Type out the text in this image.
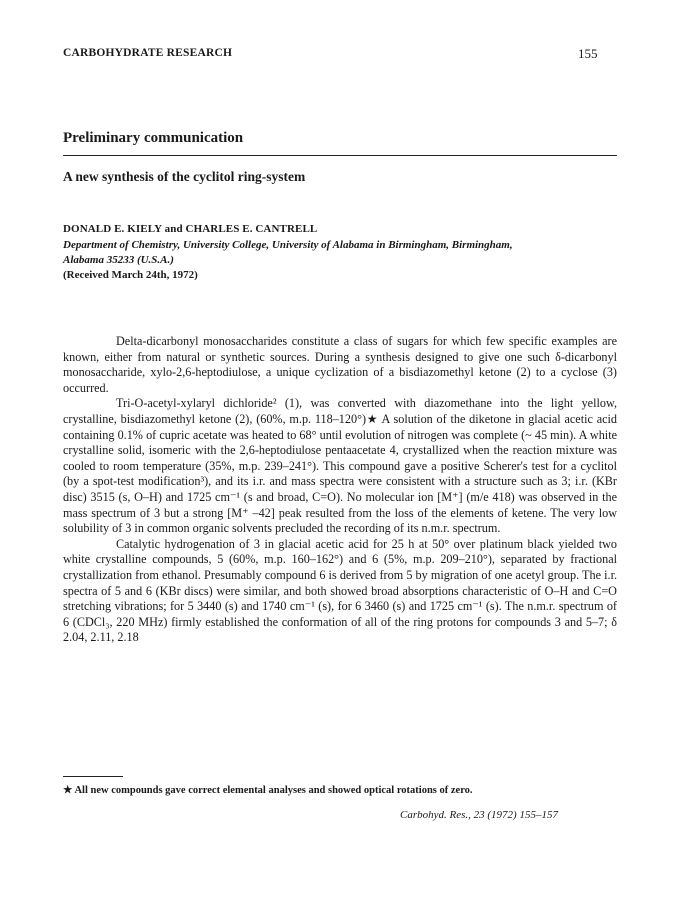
CARBOHYDRATE RESEARCH	155
Preliminary communication
A new synthesis of the cyclitol ring-system
DONALD E. KIELY and CHARLES E. CANTRELL
Department of Chemistry, University College, University of Alabama in Birmingham, Birmingham,
Alabama 35233 (U.S.A.)
(Received March 24th, 1972)

Delta-dicarbonyl monosaccharides constitute a class of sugars for which few specific examples are known, either from natural or synthetic sources. During a synthesis designed to give one such δ-dicarbonyl monosaccharide, xylo-2,6-heptodiulose, a unique cyclization of a bisdiazomethyl ketone (2) to a cyclose (3) occurred.

Tri-O-acetyl-xylaryl dichloride² (1), was converted with diazomethane into the light yellow, crystalline, bisdiazomethyl ketone (2), (60%, m.p. 118–120°)★ A solution of the diketone in glacial acetic acid containing 0.1% of cupric acetate was heated to 68° until evolution of nitrogen was complete (~ 45 min). A white crystalline solid, isomeric with the 2,6-heptodiulose pentaacetate 4, crystallized when the reaction mixture was cooled to room temperature (35%, m.p. 239–241°). This compound gave a positive Scherer's test for a cyclitol (by a spot-test modification³), and its i.r. and mass spectra were consistent with a structure such as 3; i.r. (KBr disc) 3515 (s, O–H) and 1725 cm⁻¹ (s and broad, C=O). No molecular ion [M⁺] (m/e 418) was observed in the mass spectrum of 3 but a strong [M⁺ –42] peak resulted from the loss of the elements of ketene. The very low solubility of 3 in common organic solvents precluded the recording of its n.m.r. spectrum.

Catalytic hydrogenation of 3 in glacial acetic acid for 25 h at 50° over platinum black yielded two white crystalline compounds, 5 (60%, m.p. 160–162°) and 6 (5%, m.p. 209–210°), separated by fractional crystallization from ethanol. Presumably compound 6 is derived from 5 by migration of one acetyl group. The i.r. spectra of 5 and 6 (KBr discs) were similar, and both showed broad absorptions characteristic of O–H and C=O stretching vibrations; for 5 3440 (s) and 1740 cm⁻¹ (s), for 6 3460 (s) and 1725 cm⁻¹ (s). The n.m.r. spectrum of 6 (CDCl₃, 220 MHz) firmly established the conformation of all of the ring protons for compounds 3 and 5–7; δ 2.04, 2.11, 2.18

★ All new compounds gave correct elemental analyses and showed optical rotations of zero.
Carbohyd. Res., 23 (1972) 155–157
